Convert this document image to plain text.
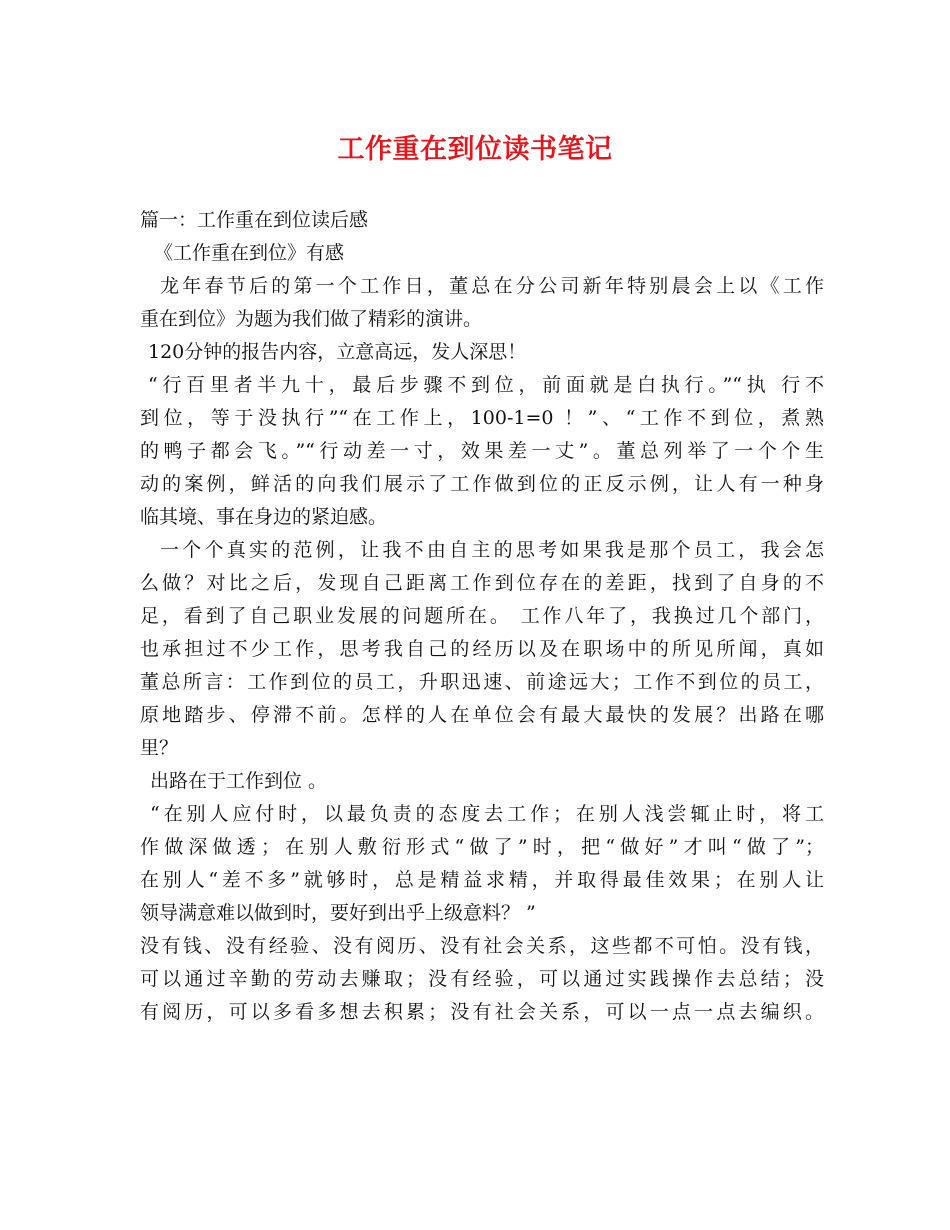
工作重在到位读书笔记
篇一：工作重在到位读后感
《工作重在到位》有感
龙年春节后的第一个工作日，董总在分公司新年特别晨会上以《工作
重在到位》为题为我们做了精彩的演讲。
120分钟的报告内容，立意高远，发人深思！
“行百里者半九十，最后步骤不到位，前面就是白执行。”“执 行不
到位，等于没执行”“在工作上，100-1=0 ！”、“工作不到位，煮熟
的鸭子都会飞。”“行动差一寸，效果差一丈”。董总列举了一个个生
动的案例，鲜活的向我们展示了工作做到位的正反示例，让人有一种身
临其境、事在身边的紧迫感。
一个个真实的范例，让我不由自主的思考如果我是那个员工，我会怎
么做？对比之后，发现自己距离工作到位存在的差距，找到了自身的不
足，看到了自己职业发展的问题所在。 工作八年了，我换过几个部门，
也承担过不少工作，思考我自己的经历以及在职场中的所见所闻，真如
董总所言：工作到位的员工，升职迅速、前途远大；工作不到位的员工，
原地踏步、停滞不前。怎样的人在单位会有最大最快的发展？出路在哪
里？
出路在于工作到位 。
“在别人应付时，以最负责的态度去工作；在别人浅尝辄止时，将工
作做深做透；在别人敷衍形式“做了”时，把“做好”才叫“做了”；
在别人“差不多”就够时，总是精益求精，并取得最佳效果；在别人让
领导满意难以做到时，要好到出乎上级意料？ ”
没有钱、没有经验、没有阅历、没有社会关系，这些都不可怕。没有钱，
可以通过辛勤的劳动去赚取；没有经验，可以通过实践操作去总结；没
有阅历，可以多看多想去积累；没有社会关系，可以一点一点去编织。
